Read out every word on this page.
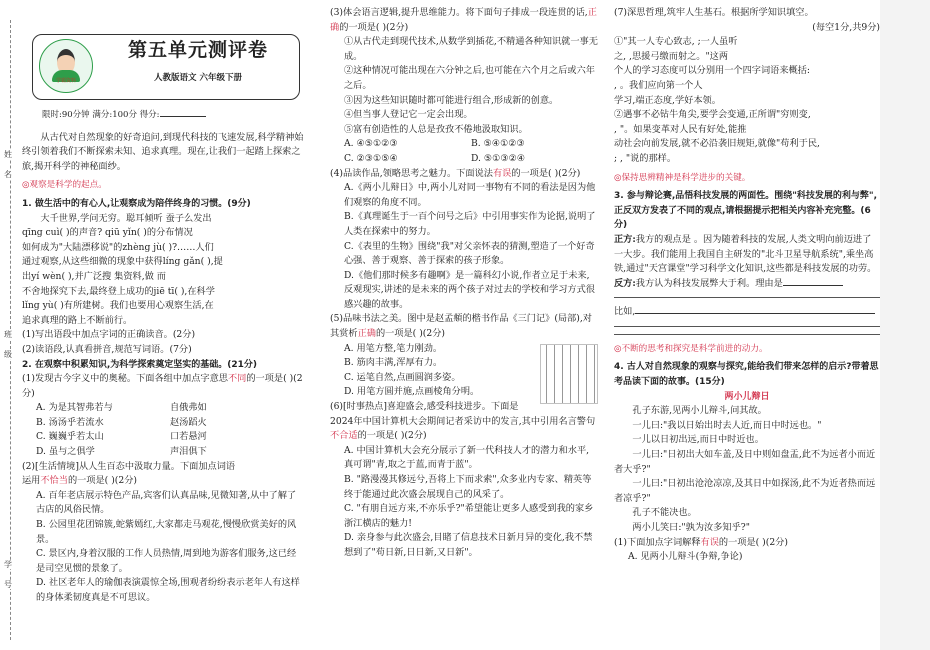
姓
名
班
级
学
号
学霸资料
第五单元测评卷
人教版语文 六年级下册
限时:90分钟 满分:100分 得分:

从古代对自然现象的好奇追问,到现代科技的飞速发展,科学精神始终引领着我们不断探索未知、追求真理。现在,让我们一起踏上探索之旅,揭开科学的神秘面纱。

◎观察是科学的起点。

1. 做生活中的有心人,让观察成为陪伴终身的习惯。(9分)

大千世界,学问无穷。聪耳倾听 蚕子么发出

qīng cuì( )的声音? qiū yǐn( )的分布情况

如何成为"大陆漂移说"的zhèng jù( )?……人们

通过观察,从这些细微的现象中获得líng gǎn( ),提

出yí wèn( ),并广泛搜 集资料,做 而

不舍地探究下去,最终登上成功的jiē tī( ),在科学

lǐng yù( )有所建树。我们也要用心观察生活,在

追求真理的路上不断前行。

(1)写出语段中加点字词的正确读音。(2分)

(2)读语段,认真看拼音,规范写词语。(7分)

2. 在观察中积累知识,为科学探索奠定坚实的基础。(21分)

(1)发现古今字义中的奥秘。下面各组中加点字意思不同的一项是( )(2分)

A. 为是其智弗若与	自俄弗如
B. 汤汤乎若流水	赵汤蹈火
C. 巍巍乎若太山	口若悬河
D. 虽与之俱学	声泪俱下

(2)[生活情境]从人生百态中汲取力量。下面加点词语
运用不恰当的一项是( )(2分)

A. 百年老店展示特色产品,宾客们认真品味,见微知著,从中了解了古店的风俗民情。

B. 公园里花团锦簇,蛇紫嫣红,大家都走马观花,慢慢欣赏美好的风景。

C. 景区内,身着汉服的工作人员热情,周到地为游客们服务,这已经是司空见惯的景象了。

D. 社区老年人的瑜伽表演震惊全场,围观者纷纷表示老年人有这样的身体柔韧度真是不可思议。

(3)体会语言逻辑,提升思维能力。将下面句子排成一段连贯的话,正确的一项是( )(2分)

①从古代走到现代技术,从数学到插花,不精通各种知识就一事无成。

②这种情况可能出现在六分钟之后,也可能在六个月之后或六年之后。

③因为这些知识随时都可能进行组合,形成新的创意。

④但当事人登记它一定会出现。

⑤富有创造性的人总是孜孜不倦地汲取知识。

A. ④⑤①②③	B. ⑤④①②③
C. ②③①⑤④	D. ⑤①③②④

(4)品读作品,领略思考之魅力。下面说法有误的一项是( )(2分)

A.《两小儿辩日》中,两小儿对同一事物有不同的看法是因为他们观察的角度不同。

B.《真理诞生于一百个问号之后》中引用事实作为论据,说明了人类在探索中的努力。

C.《表里的生物》围绕"我"对父亲怀表的猜测,塑造了一个好奇心强、善于观察、善于探索的孩子形象。

D.《他们那时候多有趣啊》是一篇科幻小说,作者立足于未来,反观现实,讲述的是未来的两个孩子对过去的学校和学习方式很感兴趣的故事。

(5)品味书法之美。图中是赵孟頫的楷书作品《三门记》(局部),对其赏析正确的一项是( )(2分)

A. 用笔方整,笔力刚劲。

B. 筋肉丰满,浑厚有力。

C. 运笔自然,点画圆润多姿。

D. 用笔方圆并施,点画棱角分明。

(6)[时事热点]喜迎盛会,感受科技进步。下面是2024年中国计算机大会期间记者采访中的发言,其中引用名言警句不合适的一项是( )(2分)

A. 中国计算机大会充分展示了新一代科技人才的潜力和水平,真可谓"青,取之于蓝,而青于蓝"。

B. "路漫漫其修远兮,吾将上下而求索",众多业内专家、精英等终于能通过此次盛会展现自己的风采了。

C. "有朋自远方来,不亦乐乎?"希望能让更多人感受到我的家乡浙江横店的魅力!

D. 亲身参与此次盛会,目睹了信息技术日新月异的变化,我不禁想到了"苟日新,日日新,又日新"。

(7)深思哲理,筑牢人生基石。根据所学知识填空。

(每空1分,共9分)

①"其一人专心致志, ;一人虽听

之, ,思援弓缴而射之。"这两

个人的学习态度可以分别用一个四字词语来概括:

, 。我们应向第一个人

学习,端正态度,学好本领。

②遇事不必钻牛角尖,要学会变通,正所谓"穷则变,

, "。如果变革对人民有好处,能推

动社会向前发展,就不必沿袭旧规矩,就像"苟利于民,

; , "说的那样。

◎保持思辨精神是科学进步的关键。

3. 参与辩论赛,品悟科技发展的两面性。围绕"科技发展的利与弊",正反双方发表了不同的观点,请根据提示把相关内容补充完整。(6分)

正方:我方的观点是 。因为随着科技的发展,人类文明向前迈进了一大步。我们能用上我国自主研发的"北斗卫星导航系统",乘坐高铁,通过"天宫课堂"学习科学文化知识,这些都是科技发展的功劳。

反方:我方认为科技发展弊大于利。理由是

比如,

◎不断的思考和探究是科学前进的动力。

4. 古人对自然现象的观察与探究,能给我们带来怎样的启示?带着思考品读下面的故事。(15分)

两小儿辩日

孔子东游,见两小儿辩斗,问其故。

一儿曰:"我以日始出时去人近,而日中时远也。"

一儿以日初出远,而日中时近也。

一儿曰:"日初出大如车盖,及日中则如盘盂,此不为远者小而近者大乎?"

一儿曰:"日初出沧沧凉凉,及其日中如探汤,此不为近者热而远者凉乎?"

孔子不能决也。

两小儿笑曰:"孰为汝多知乎?"

(1)下面加点字词解释有误的一项是( )(2分)

A. 见两小儿辩斗(争辩,争论)
